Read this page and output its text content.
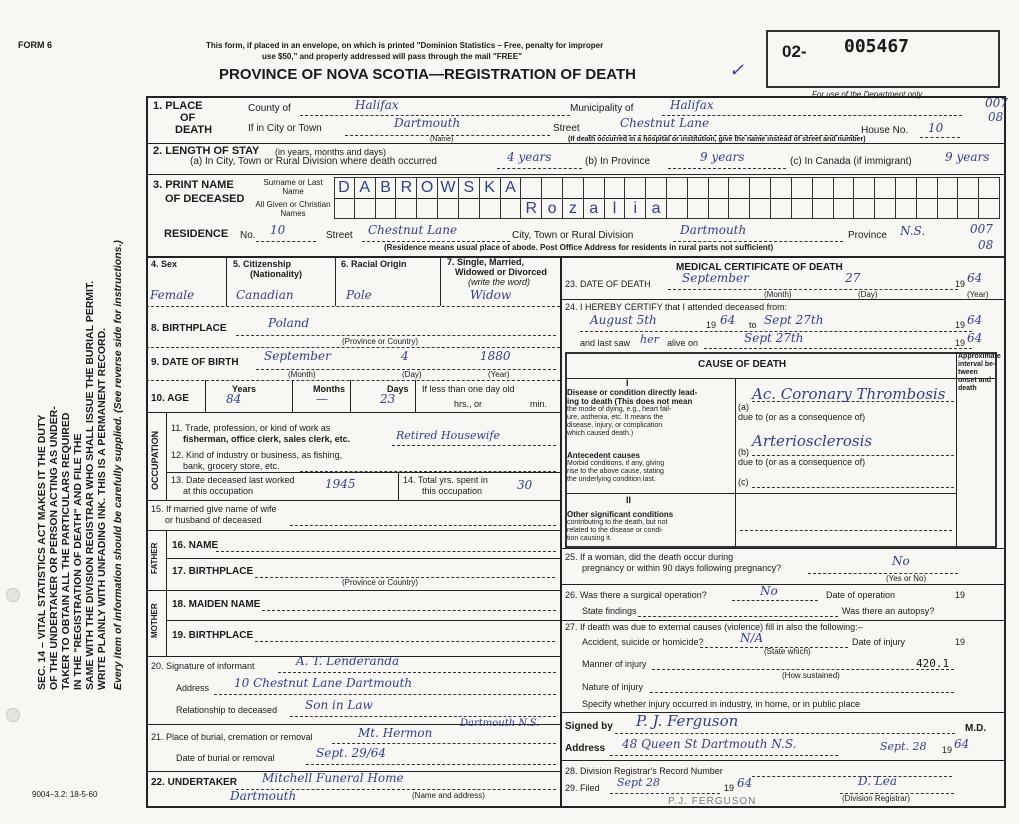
FORM 6	This form, if placed in an envelope, on which is printed "Dominion Statistics – Free, penalty for improper
use $50," and properly addressed will pass through the mail "FREE"
PROVINCE OF NOVA SCOTIA—REGISTRATION OF DEATH	✓
02- 005467
For use of the Department only
SEC. 14 – VITAL STATISTICS ACT MAKES IT THE DUTY OF THE UNDERTAKER OR PERSON ACTING AS UNDER- TAKER TO OBTAIN ALL THE PARTICULARS REQUIRED IN THE "REGISTRATION OF DEATH" AND FILE THE SAME WITH THE DIVISION REGISTRAR WHO SHALL ISSUE THE BURIAL PERMIT. WRITE PLAINLY WITH UNFADING INK. THIS IS A PERMANENT RECORD. Every item of information should be carefully supplied. (See reverse side for instructions.)
1. PLACE
OF
DEATH
County of	Halifax	Municipality of	Halifax	007
08
If in City or Town	Dartmouth
(Name)
Street	Chestnut Lane
House No. 10
(If death occurred in a hospital or institution, give the name instead of street and number)
2. LENGTH OF STAY (in years, months and days)
(a) In City, Town or Rural Division where death occurred	4 years	(b) In Province	9 years	(c) In Canada (if immigrant)	9 years
3. PRINT NAME
OF DECEASED
Surname or Last Name
All Given or Christian Names
D A B R O W S K A
R o z a l	i a
RESIDENCE No. 10	Street Chestnut Lane	City, Town or Rural Division	Dartmouth	Province N.S.	007
08
(Residence means usual place of abode. Post Office Address for residents in rural parts not sufficient)
4. Sex	5. Citizenship
(Nationality)
6. Racial Origin	7. Single, Married,
Widowed or Divorced
(write the word)
Female	Canadian	Pole	Widow
8. BIRTHPLACE	Poland
(Province or Country)
9. DATE OF BIRTH September	4	1880
(Month)	(Day)	(Year)
10. AGE
Years	Months	Days
84	—	23
If less than one day old
hrs., or	min.
OCCUPATION
11. Trade, profession, or kind of work as
fisherman, office clerk, sales clerk, etc.	Retired Housewife
12. Kind of industry or business, as fishing,
bank, grocery store, etc.
13. Date deceased last worked
at this occupation	1945	14. Total yrs. spent in
this occupation	30
15. If married give name of wife
or husband of deceased
FATHER 16. NAME
17. BIRTHPLACE
(Province or Country)
MOTHER 18. MAIDEN NAME
19. BIRTHPLACE
20. Signature of informant	A. T. Lenderanda
Address 10 Chestnut Lane Dartmouth
Relationship to deceased Son in Law
21. Place of burial, cremation or removal
Dartmouth N.S.
Mt. Hermon
Date of burial or removal	Sept. 29/64
22. UNDERTAKER Mitchell Funeral Home
Dartmouth	(Name and address)
MEDICAL CERTIFICATE OF DEATH
23. DATE OF DEATH	September	27	19 64
(Month)	(Day)	(Year)
24. I HEREBY CERTIFY that I attended deceased from:
August 5th	19 64 to Sept 27th	19 64
and last saw her alive on	Sept 27th	19 64
CAUSE OF DEATH
Approximate interval be-tween onset and death
I
Disease or condition directly lead-
ing to death (This does not mean
the mode of dying, e.g., heart fail-
ure, asthenia, etc. It means the
disease, injury, or complication
which caused death.)
(a)
Ac. Coronary Thrombosis
due to (or as a consequence of)
(b)
Arteriosclerosis
due to (or as a consequence of)
Antecedent causes
Morbid conditions, if any, giving
rise to the above cause, stating
the underlying condition last.	(c)
II
Other significant conditions
contributing to the death, but not
related to the disease or condi-
tion causing it.
25. If a woman, did the death occur during
pregnancy or within 90 days following pregnancy?	No
(Yes or No)
26. Was there a surgical operation?	No	Date of operation	19
State findings	Was there an autopsy?
27. If death was due to external causes (violence) fill in also the following:–
Accident, suicide or homicide?	N/A	Date of injury	19
(State which)
Manner of injury	420.1
(How sustained)
Nature of injury
Specify whether injury occurred in industry, in home, or in public place
Signed by P. J. Ferguson	M.D.
Address 48 Queen St Dartmouth N.S.	Sept. 28 19 64
28. Division Registrar's Record Number
29. Filed Sept 28	19 64	D. Lea
(Division Registrar)
P.J. FERGUSON
9004–3.2: 18-5-60
